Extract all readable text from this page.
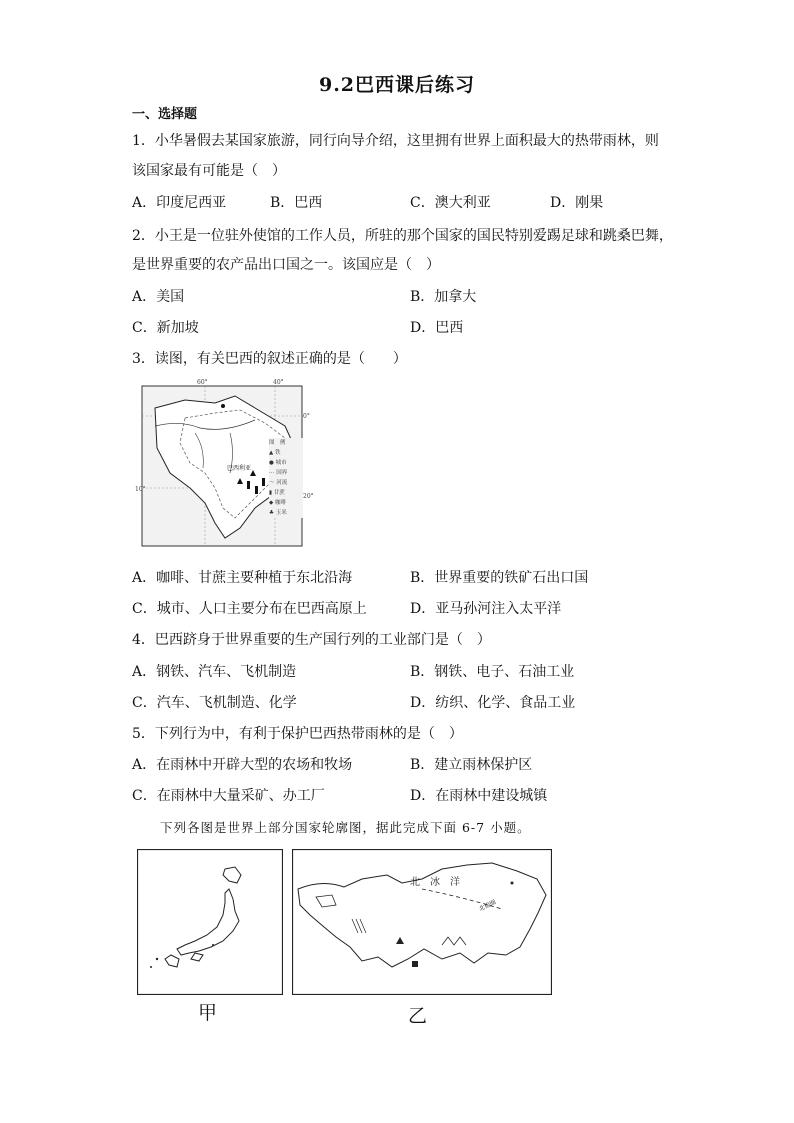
9.2巴西课后练习
一、选择题
1．小华暑假去某国家旅游，同行向导介绍，这里拥有世界上面积最大的热带雨林，则
该国家最有可能是（　）
A．印度尼西亚	B．巴西	C．澳大利亚	D．刚果
2．小王是一位驻外使馆的工作人员，所驻的那个国家的国民特别爱踢足球和跳桑巴舞，
是世界重要的农产品出口国之一。该国应是（　）
A．美国	B．加拿大
C．新加坡	D．巴西
3．读图，有关巴西的叙述正确的是（　　）
40°
60°
0°
10°
20°
巴西利亚
图　例
▲ 铁
● 城市
⋯ 国界
～ 河流
▮ 甘蔗
◆ 咖啡
♣ 玉米
A．咖啡、甘蔗主要种植于东北沿海	B．世界重要的铁矿石出口国
C．城市、人口主要分布在巴西高原上	D．亚马孙河注入太平洋
4．巴西跻身于世界重要的生产国行列的工业部门是（　）
A．钢铁、汽车、飞机制造	B．钢铁、电子、石油工业
C．汽车、飞机制造、化学	D．纺织、化学、食品工业
5．下列行为中，有利于保护巴西热带雨林的是（　）
A．在雨林中开辟大型的农场和牧场	B．建立雨林保护区
C．在雨林中大量采矿、办工厂	D．在雨林中建设城镇
下列各图是世界上部分国家轮廓图，据此完成下面 6-7 小题。
甲
北　冰　洋
北极圈
乙
